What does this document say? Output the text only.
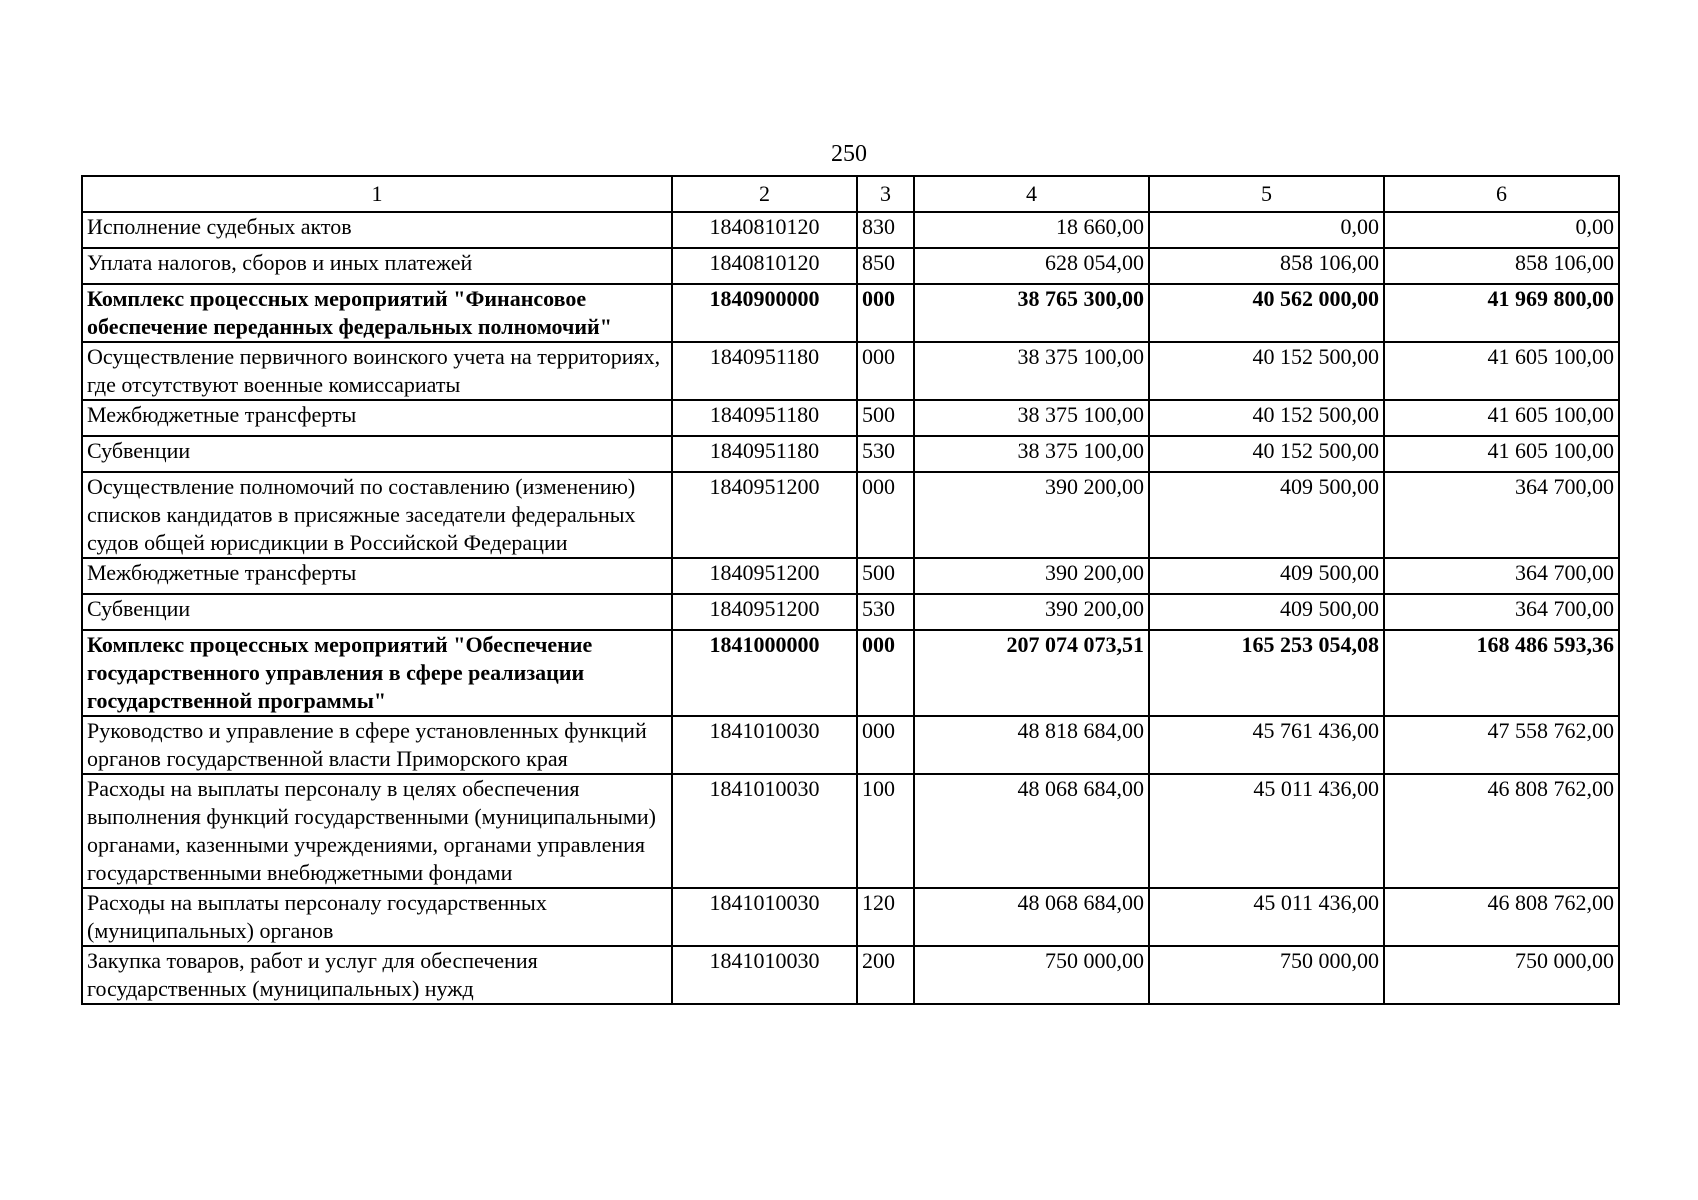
250
1	2	3	4	5	6
Исполнение судебных актов	1840810120	830	18 660,00	0,00	0,00
Уплата налогов, сборов и иных платежей	1840810120	850	628 054,00	858 106,00	858 106,00
Комплекс процессных мероприятий "Финансовое обеспечение переданных федеральных полномочий"	1840900000	000	38 765 300,00	40 562 000,00	41 969 800,00
Осуществление первичного воинского учета на территориях, где отсутствуют военные комиссариаты	1840951180	000	38 375 100,00	40 152 500,00	41 605 100,00
Межбюджетные трансферты	1840951180	500	38 375 100,00	40 152 500,00	41 605 100,00
Субвенции	1840951180	530	38 375 100,00	40 152 500,00	41 605 100,00
Осуществление полномочий по составлению (изменению) списков кандидатов в присяжные заседатели федеральных судов общей юрисдикции в Российской Федерации	1840951200	000	390 200,00	409 500,00	364 700,00
Межбюджетные трансферты	1840951200	500	390 200,00	409 500,00	364 700,00
Субвенции	1840951200	530	390 200,00	409 500,00	364 700,00
Комплекс процессных мероприятий "Обеспечение государственного управления в сфере реализации государственной программы"	1841000000	000	207 074 073,51	165 253 054,08	168 486 593,36
Руководство и управление в сфере установленных функций органов государственной власти Приморского края	1841010030	000	48 818 684,00	45 761 436,00	47 558 762,00
Расходы на выплаты персоналу в целях обеспечения выполнения функций государственными (муниципальными) органами, казенными учреждениями, органами управления государственными внебюджетными фондами	1841010030	100	48 068 684,00	45 011 436,00	46 808 762,00
Расходы на выплаты персоналу государственных (муниципальных) органов	1841010030	120	48 068 684,00	45 011 436,00	46 808 762,00
Закупка товаров, работ и услуг для обеспечения государственных (муниципальных) нужд	1841010030	200	750 000,00	750 000,00	750 000,00
